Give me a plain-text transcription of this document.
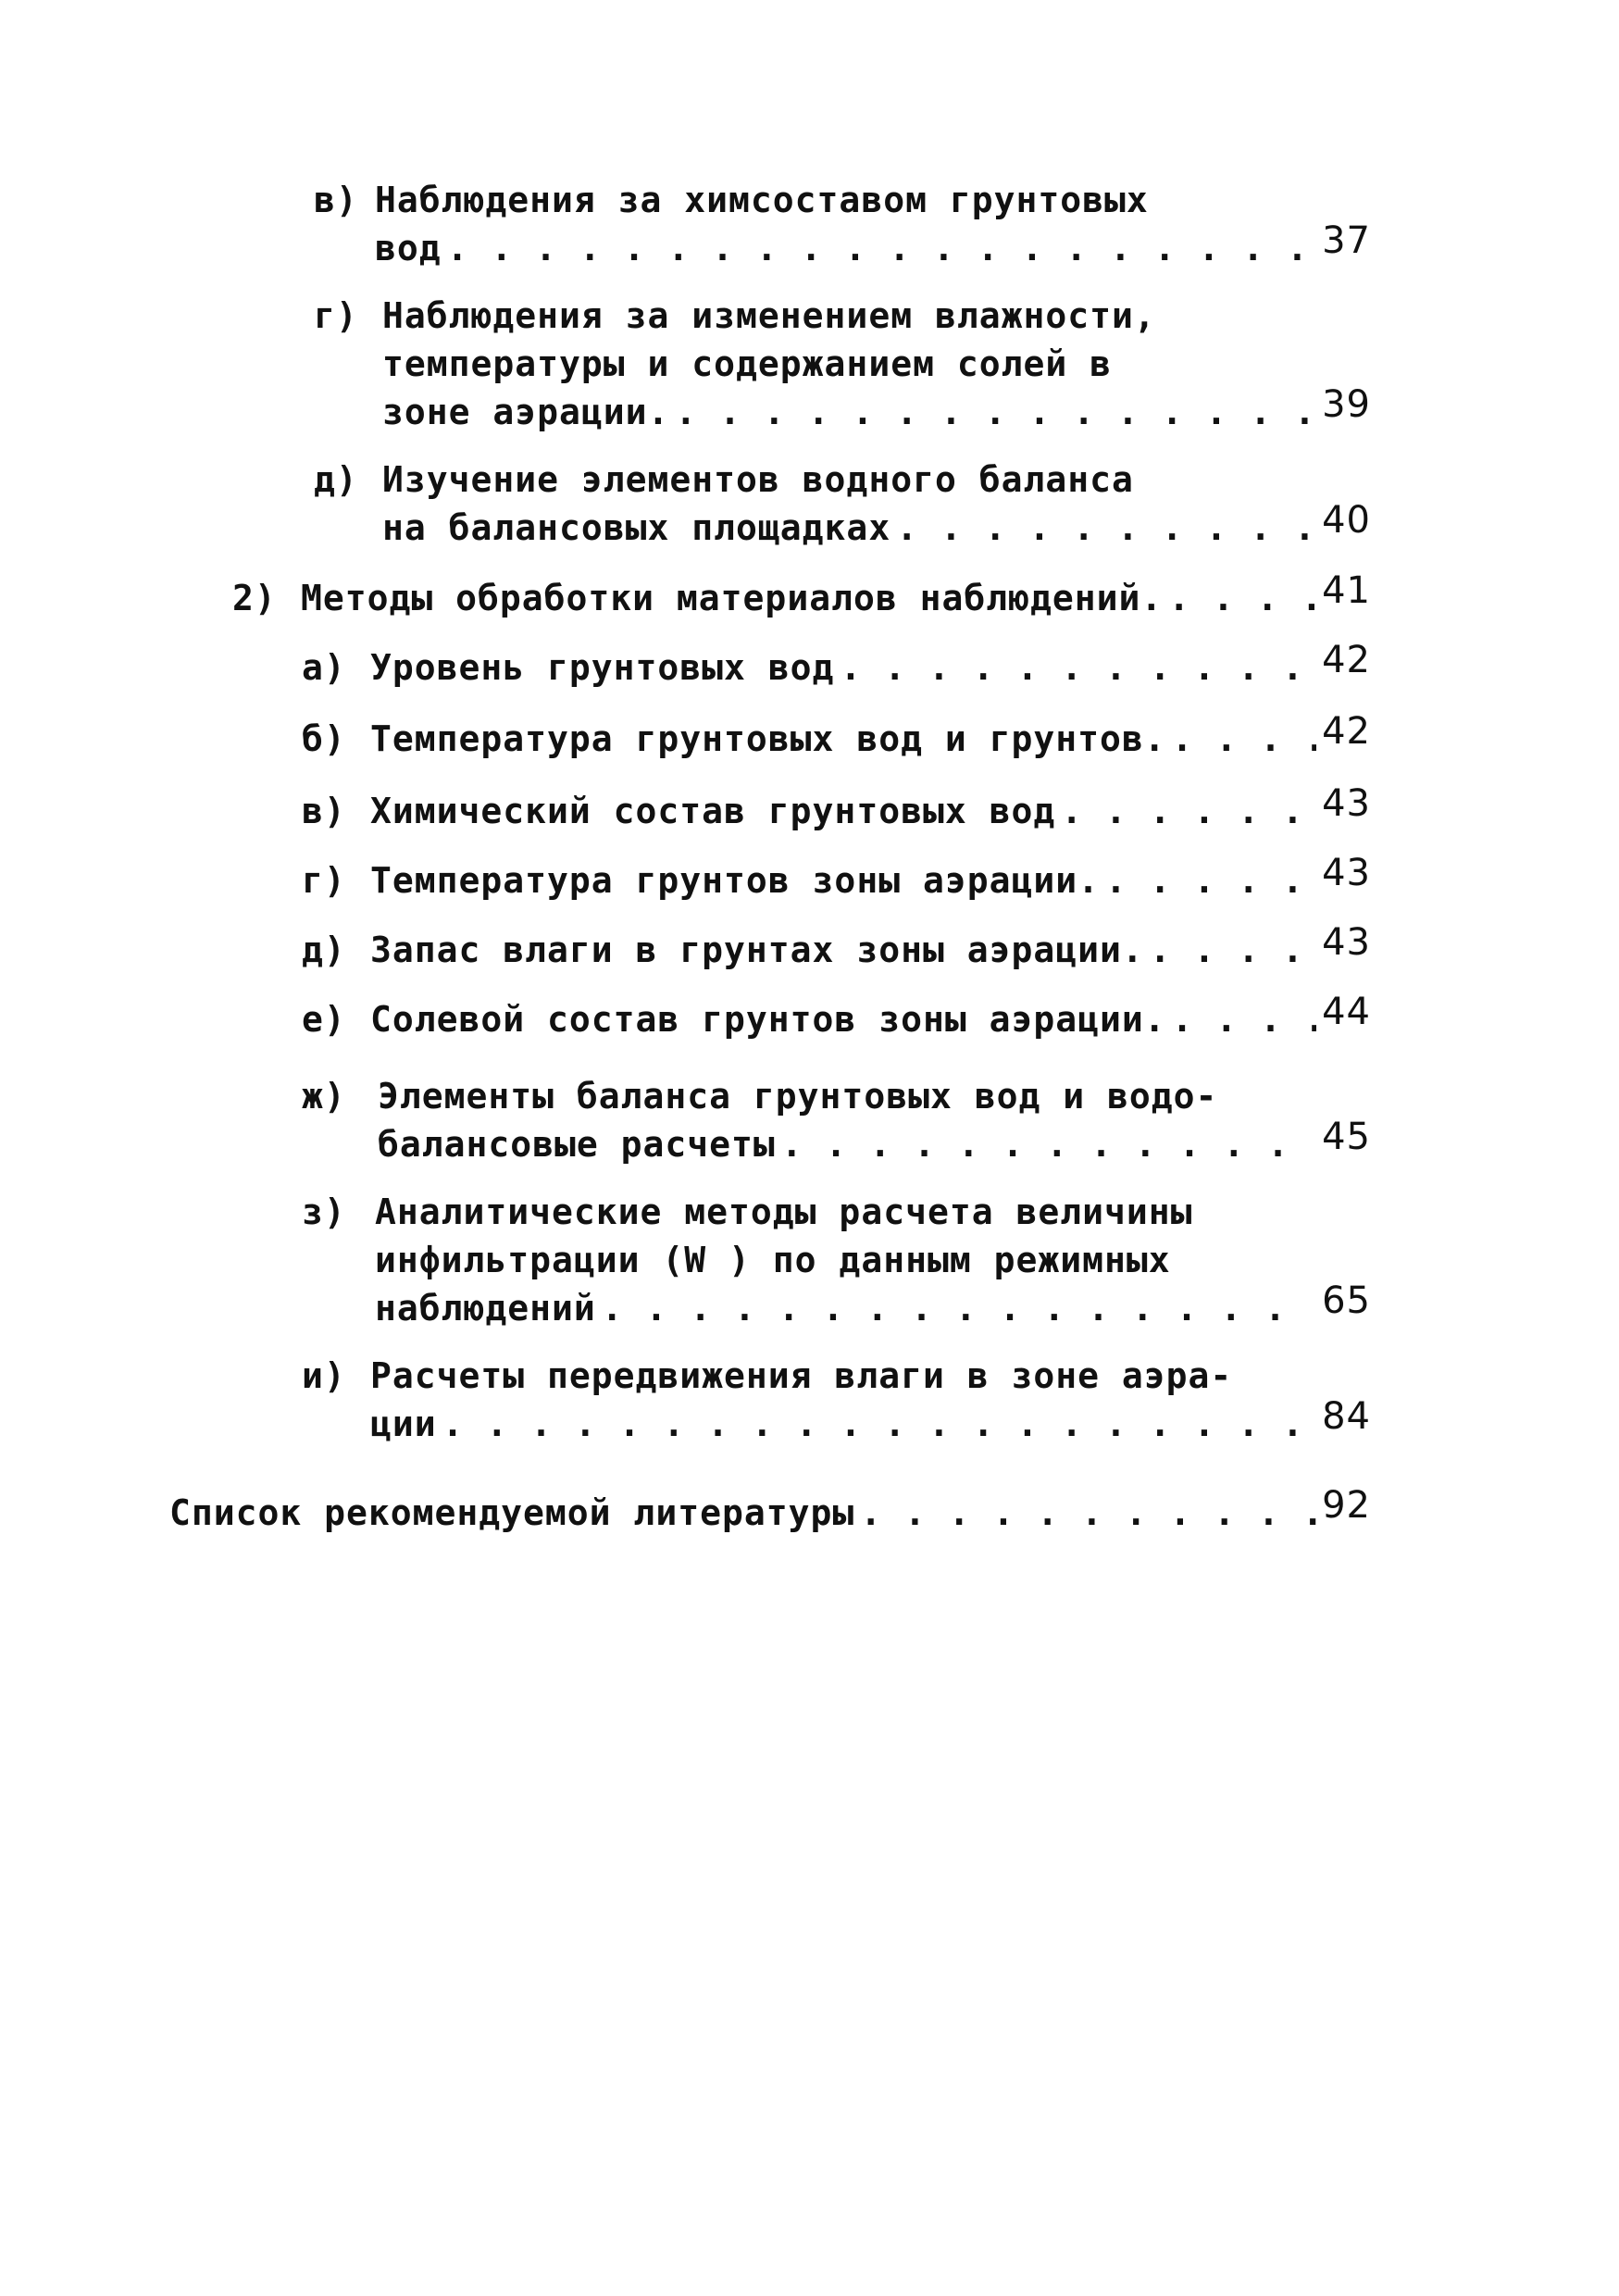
в) Наблюдения за химсоставом грунтовых
вод . . .	37
г) Наблюдения за изменением влажности,
температуры и содержанием солей в
зоне аэрации. . . .	39
д) Изучение элементов водного баланса
на балансовых площадках . . .	40
2) Методы обработки материалов наблюдений. . . .	41
а) Уровень грунтовых вод . . .	42
б) Температура грунтовых вод и грунтов. . . .	42
в) Химический состав грунтовых вод . . .	43
г) Температура грунтов зоны аэрации. . . .	43
д) Запас влаги в грунтах зоны аэрации. . . .	43
е) Солевой состав грунтов зоны аэрации. . . .	44
ж) Элементы баланса грунтовых вод и водо-
балансовые расчеты . . .	45
з) Аналитические методы расчета величины
инфильтрации (W ) по данным режимных
наблюдений . . .	65
и) Расчеты передвижения влаги в зоне аэра-
ции . . .	84
Список рекомендуемой литературы . . .	92
